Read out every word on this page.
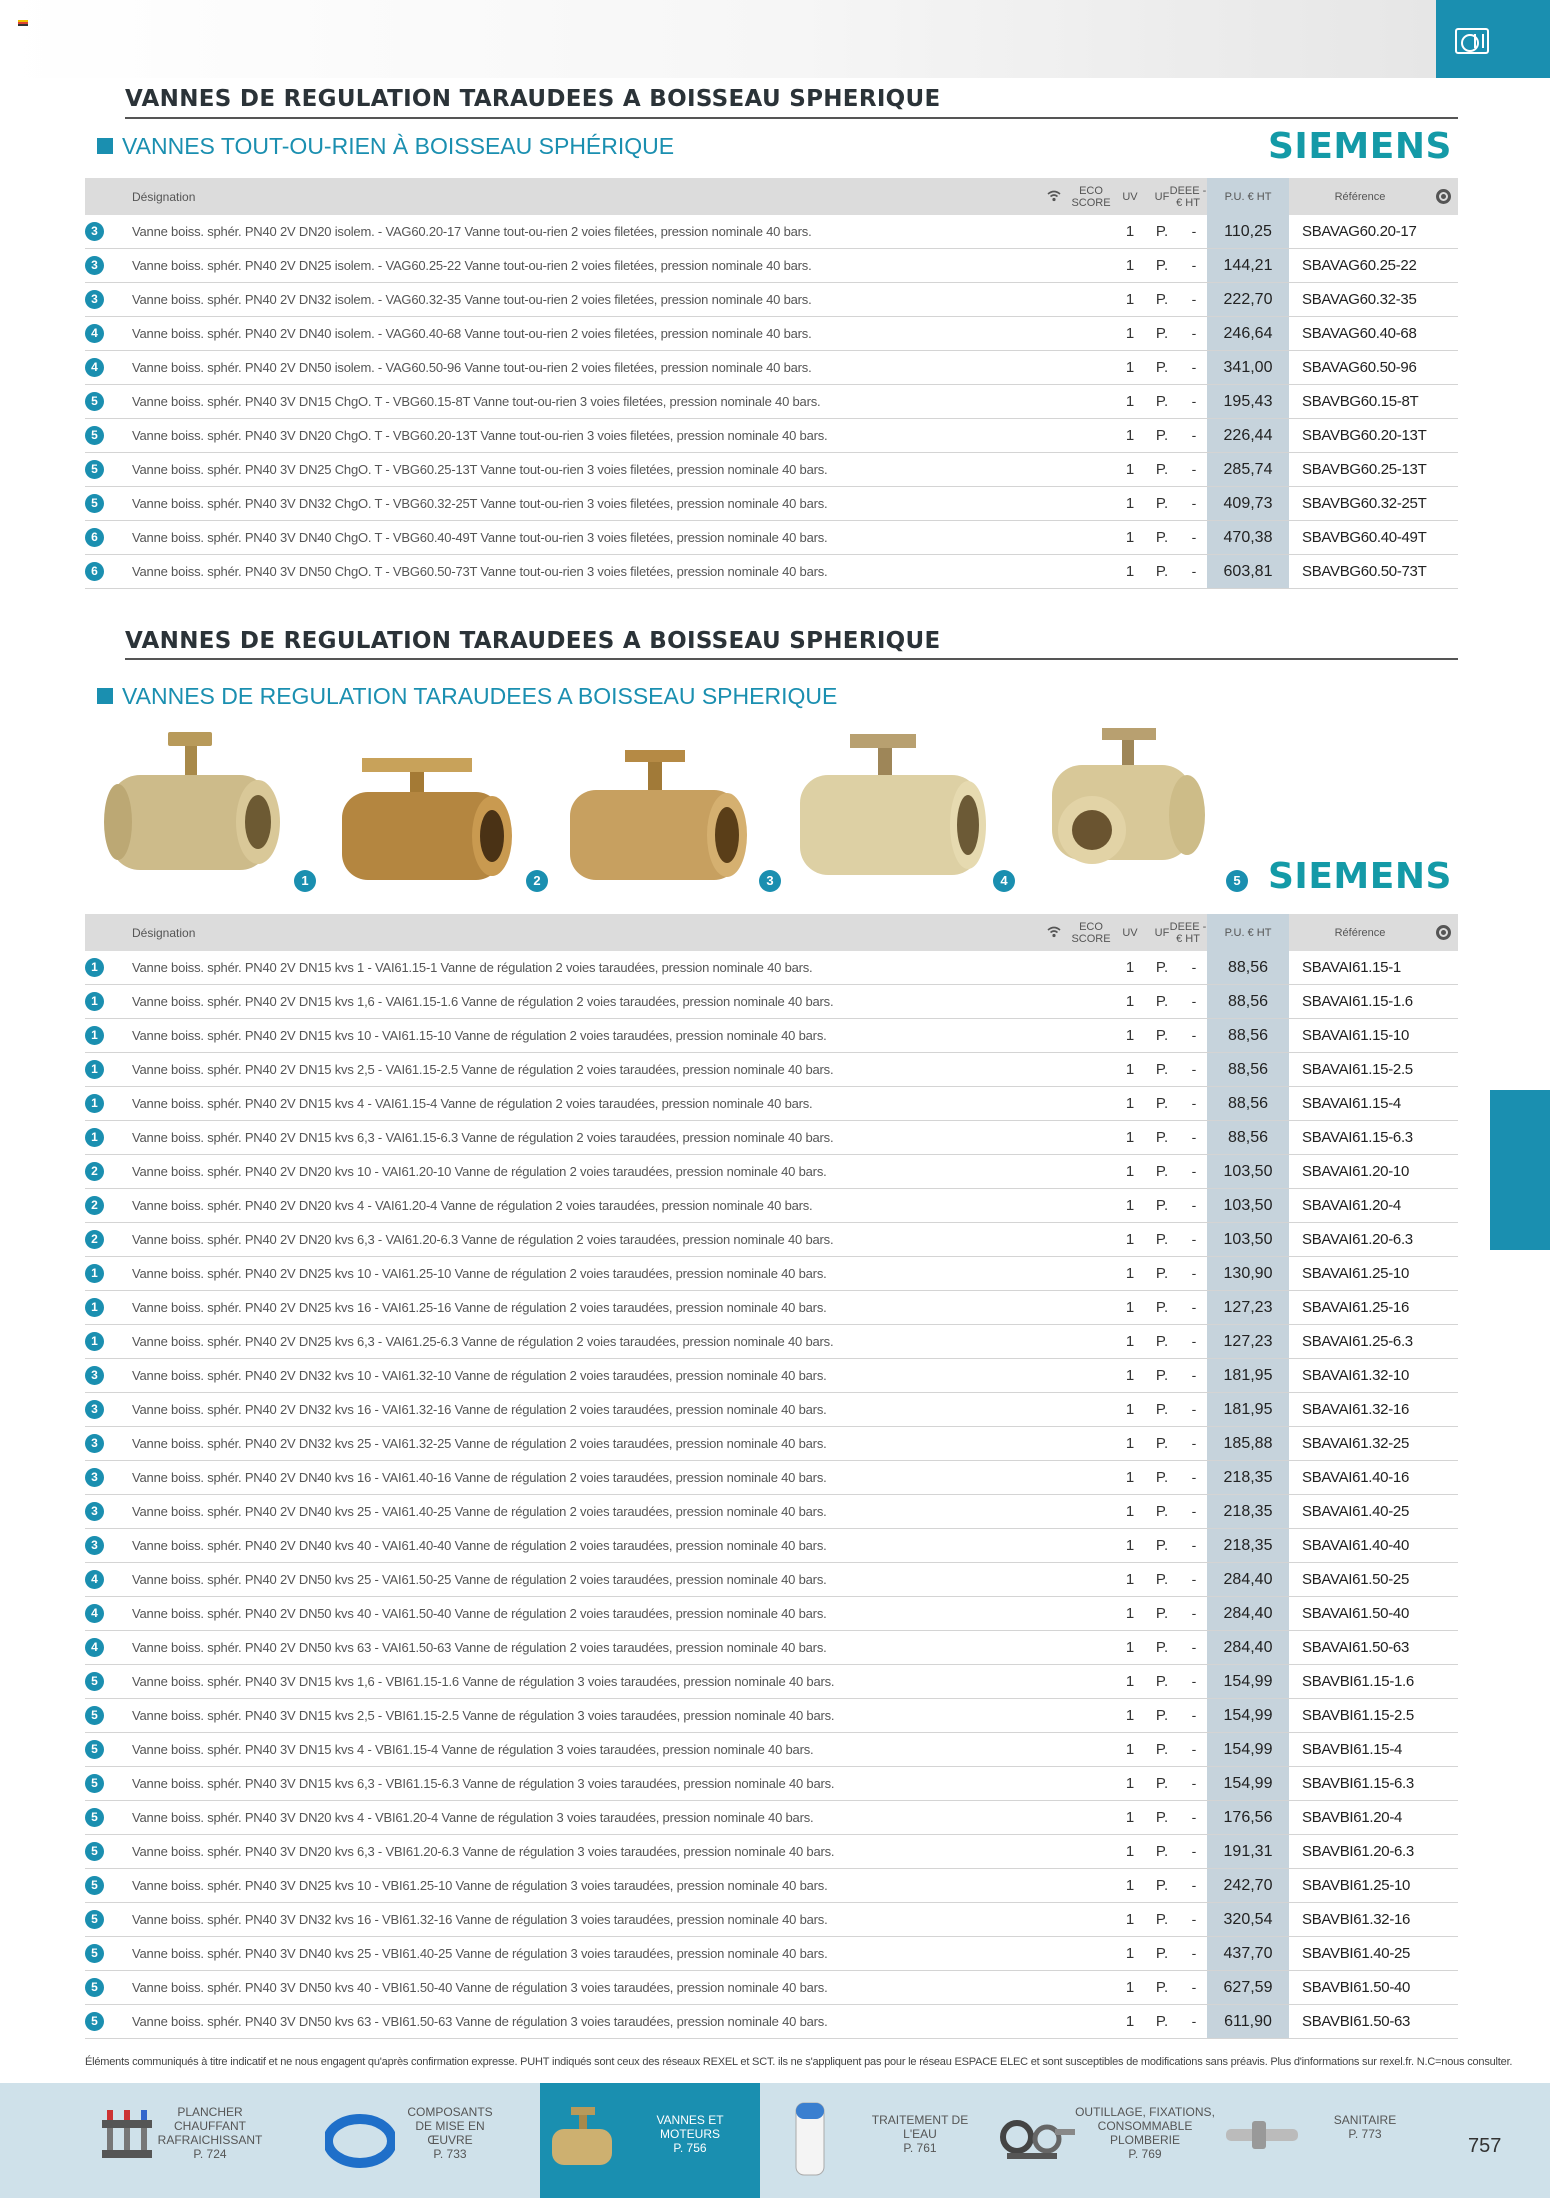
VANNES DE REGULATION TARAUDEES A BOISSEAU SPHERIQUE
VANNES TOUT-OU-RIEN À BOISSEAU SPHÉRIQUE	SIEMENS
Désignation	ECO SCORE UV UF DEEE - € HT	P.U. € HT	Référence
3	Vanne boiss. sphér. PN40 2V DN20 isolem. - VAG60.20-17 Vanne tout-ou-rien 2 voies filetées, pression nominale 40 bars.	1	P.	-	110,25	SBAVAG60.20-17
3	Vanne boiss. sphér. PN40 2V DN25 isolem. - VAG60.25-22 Vanne tout-ou-rien 2 voies filetées, pression nominale 40 bars.	1	P.	-	144,21	SBAVAG60.25-22
3	Vanne boiss. sphér. PN40 2V DN32 isolem. - VAG60.32-35 Vanne tout-ou-rien 2 voies filetées, pression nominale 40 bars.	1	P.	-	222,70	SBAVAG60.32-35
4	Vanne boiss. sphér. PN40 2V DN40 isolem. - VAG60.40-68 Vanne tout-ou-rien 2 voies filetées, pression nominale 40 bars.	1	P.	-	246,64	SBAVAG60.40-68
4	Vanne boiss. sphér. PN40 2V DN50 isolem. - VAG60.50-96 Vanne tout-ou-rien 2 voies filetées, pression nominale 40 bars.	1	P.	-	341,00	SBAVAG60.50-96
5	Vanne boiss. sphér. PN40 3V DN15 ChgO. T - VBG60.15-8T Vanne tout-ou-rien 3 voies filetées, pression nominale 40 bars.	1	P.	-	195,43	SBAVBG60.15-8T
5	Vanne boiss. sphér. PN40 3V DN20 ChgO. T - VBG60.20-13T Vanne tout-ou-rien 3 voies filetées, pression nominale 40 bars.	1	P.	-	226,44	SBAVBG60.20-13T
5	Vanne boiss. sphér. PN40 3V DN25 ChgO. T - VBG60.25-13T Vanne tout-ou-rien 3 voies filetées, pression nominale 40 bars.	1	P.	-	285,74	SBAVBG60.25-13T
5	Vanne boiss. sphér. PN40 3V DN32 ChgO. T - VBG60.32-25T Vanne tout-ou-rien 3 voies filetées, pression nominale 40 bars.	1	P.	-	409,73	SBAVBG60.32-25T
6	Vanne boiss. sphér. PN40 3V DN40 ChgO. T - VBG60.40-49T Vanne tout-ou-rien 3 voies filetées, pression nominale 40 bars.	1	P.	-	470,38	SBAVBG60.40-49T
6	Vanne boiss. sphér. PN40 3V DN50 ChgO. T - VBG60.50-73T Vanne tout-ou-rien 3 voies filetées, pression nominale 40 bars.	1	P.	-	603,81	SBAVBG60.50-73T
VANNES DE REGULATION TARAUDEES A BOISSEAU SPHERIQUE
VANNES DE REGULATION TARAUDEES A BOISSEAU SPHERIQUE
1	2	3	4	5 SIEMENS
Désignation	ECO SCORE UV UF DEEE - € HT	P.U. € HT	Référence
1	Vanne boiss. sphér. PN40 2V DN15 kvs 1 - VAI61.15-1 Vanne de régulation 2 voies taraudées, pression nominale 40 bars.	1	P.	-	88,56	SBAVAI61.15-1
1	Vanne boiss. sphér. PN40 2V DN15 kvs 1,6 - VAI61.15-1.6 Vanne de régulation 2 voies taraudées, pression nominale 40 bars.	1	P.	-	88,56	SBAVAI61.15-1.6
1	Vanne boiss. sphér. PN40 2V DN15 kvs 10 - VAI61.15-10 Vanne de régulation 2 voies taraudées, pression nominale 40 bars.	1	P.	-	88,56	SBAVAI61.15-10
1	Vanne boiss. sphér. PN40 2V DN15 kvs 2,5 - VAI61.15-2.5 Vanne de régulation 2 voies taraudées, pression nominale 40 bars.	1	P.	-	88,56	SBAVAI61.15-2.5
1	Vanne boiss. sphér. PN40 2V DN15 kvs 4 - VAI61.15-4 Vanne de régulation 2 voies taraudées, pression nominale 40 bars.	1	P.	-	88,56	SBAVAI61.15-4
1	Vanne boiss. sphér. PN40 2V DN15 kvs 6,3 - VAI61.15-6.3 Vanne de régulation 2 voies taraudées, pression nominale 40 bars.	1	P.	-	88,56	SBAVAI61.15-6.3
2	Vanne boiss. sphér. PN40 2V DN20 kvs 10 - VAI61.20-10 Vanne de régulation 2 voies taraudées, pression nominale 40 bars.	1	P.	-	103,50	SBAVAI61.20-10
2	Vanne boiss. sphér. PN40 2V DN20 kvs 4 - VAI61.20-4 Vanne de régulation 2 voies taraudées, pression nominale 40 bars.	1	P.	-	103,50	SBAVAI61.20-4
2	Vanne boiss. sphér. PN40 2V DN20 kvs 6,3 - VAI61.20-6.3 Vanne de régulation 2 voies taraudées, pression nominale 40 bars.	1	P.	-	103,50	SBAVAI61.20-6.3
1	Vanne boiss. sphér. PN40 2V DN25 kvs 10 - VAI61.25-10 Vanne de régulation 2 voies taraudées, pression nominale 40 bars.	1	P.	-	130,90	SBAVAI61.25-10
1	Vanne boiss. sphér. PN40 2V DN25 kvs 16 - VAI61.25-16 Vanne de régulation 2 voies taraudées, pression nominale 40 bars.	1	P.	-	127,23	SBAVAI61.25-16
1	Vanne boiss. sphér. PN40 2V DN25 kvs 6,3 - VAI61.25-6.3 Vanne de régulation 2 voies taraudées, pression nominale 40 bars.	1	P.	-	127,23	SBAVAI61.25-6.3
3	Vanne boiss. sphér. PN40 2V DN32 kvs 10 - VAI61.32-10 Vanne de régulation 2 voies taraudées, pression nominale 40 bars.	1	P.	-	181,95	SBAVAI61.32-10
3	Vanne boiss. sphér. PN40 2V DN32 kvs 16 - VAI61.32-16 Vanne de régulation 2 voies taraudées, pression nominale 40 bars.	1	P.	-	181,95	SBAVAI61.32-16
3	Vanne boiss. sphér. PN40 2V DN32 kvs 25 - VAI61.32-25 Vanne de régulation 2 voies taraudées, pression nominale 40 bars.	1	P.	-	185,88	SBAVAI61.32-25
3	Vanne boiss. sphér. PN40 2V DN40 kvs 16 - VAI61.40-16 Vanne de régulation 2 voies taraudées, pression nominale 40 bars.	1	P.	-	218,35	SBAVAI61.40-16
3	Vanne boiss. sphér. PN40 2V DN40 kvs 25 - VAI61.40-25 Vanne de régulation 2 voies taraudées, pression nominale 40 bars.	1	P.	-	218,35	SBAVAI61.40-25
3	Vanne boiss. sphér. PN40 2V DN40 kvs 40 - VAI61.40-40 Vanne de régulation 2 voies taraudées, pression nominale 40 bars.	1	P.	-	218,35	SBAVAI61.40-40
4	Vanne boiss. sphér. PN40 2V DN50 kvs 25 - VAI61.50-25 Vanne de régulation 2 voies taraudées, pression nominale 40 bars.	1	P.	-	284,40	SBAVAI61.50-25
4	Vanne boiss. sphér. PN40 2V DN50 kvs 40 - VAI61.50-40 Vanne de régulation 2 voies taraudées, pression nominale 40 bars.	1	P.	-	284,40	SBAVAI61.50-40
4	Vanne boiss. sphér. PN40 2V DN50 kvs 63 - VAI61.50-63 Vanne de régulation 2 voies taraudées, pression nominale 40 bars.	1	P.	-	284,40	SBAVAI61.50-63
5	Vanne boiss. sphér. PN40 3V DN15 kvs 1,6 - VBI61.15-1.6 Vanne de régulation 3 voies taraudées, pression nominale 40 bars.	1	P.	-	154,99	SBAVBI61.15-1.6
5	Vanne boiss. sphér. PN40 3V DN15 kvs 2,5 - VBI61.15-2.5 Vanne de régulation 3 voies taraudées, pression nominale 40 bars.	1	P.	-	154,99	SBAVBI61.15-2.5
5	Vanne boiss. sphér. PN40 3V DN15 kvs 4 - VBI61.15-4 Vanne de régulation 3 voies taraudées, pression nominale 40 bars.	1	P.	-	154,99	SBAVBI61.15-4
5	Vanne boiss. sphér. PN40 3V DN15 kvs 6,3 - VBI61.15-6.3 Vanne de régulation 3 voies taraudées, pression nominale 40 bars.	1	P.	-	154,99	SBAVBI61.15-6.3
5	Vanne boiss. sphér. PN40 3V DN20 kvs 4 - VBI61.20-4 Vanne de régulation 3 voies taraudées, pression nominale 40 bars.	1	P.	-	176,56	SBAVBI61.20-4
5	Vanne boiss. sphér. PN40 3V DN20 kvs 6,3 - VBI61.20-6.3 Vanne de régulation 3 voies taraudées, pression nominale 40 bars.	1	P.	-	191,31	SBAVBI61.20-6.3
5	Vanne boiss. sphér. PN40 3V DN25 kvs 10 - VBI61.25-10 Vanne de régulation 3 voies taraudées, pression nominale 40 bars.	1	P.	-	242,70	SBAVBI61.25-10
5	Vanne boiss. sphér. PN40 3V DN32 kvs 16 - VBI61.32-16 Vanne de régulation 3 voies taraudées, pression nominale 40 bars.	1	P.	-	320,54	SBAVBI61.32-16
5	Vanne boiss. sphér. PN40 3V DN40 kvs 25 - VBI61.40-25 Vanne de régulation 3 voies taraudées, pression nominale 40 bars.	1	P.	-	437,70	SBAVBI61.40-25
5	Vanne boiss. sphér. PN40 3V DN50 kvs 40 - VBI61.50-40 Vanne de régulation 3 voies taraudées, pression nominale 40 bars.	1	P.	-	627,59	SBAVBI61.50-40
5	Vanne boiss. sphér. PN40 3V DN50 kvs 63 - VBI61.50-63 Vanne de régulation 3 voies taraudées, pression nominale 40 bars.	1	P.	-	611,90	SBAVBI61.50-63
Éléments communiqués à titre indicatif et ne nous engagent qu'après confirmation expresse. PUHT indiqués sont ceux des réseaux REXEL et SCT. ils ne s'appliquent pas pour le réseau ESPACE ELEC et sont susceptibles de modifications sans préavis. Plus d'informations sur rexel.fr. N.C=nous consulter.
PLANCHER CHAUFFANT
RAFRAICHISSANT
P. 724
COMPOSANTS
DE MISE EN ŒUVRE
P. 733
VANNES ET MOTEURS
P. 756
TRAITEMENT DE L'EAU
P. 761
OUTILLAGE, FIXATIONS,
CONSOMMABLE PLOMBERIE
P. 769
SANITAIRE
P. 773
757
